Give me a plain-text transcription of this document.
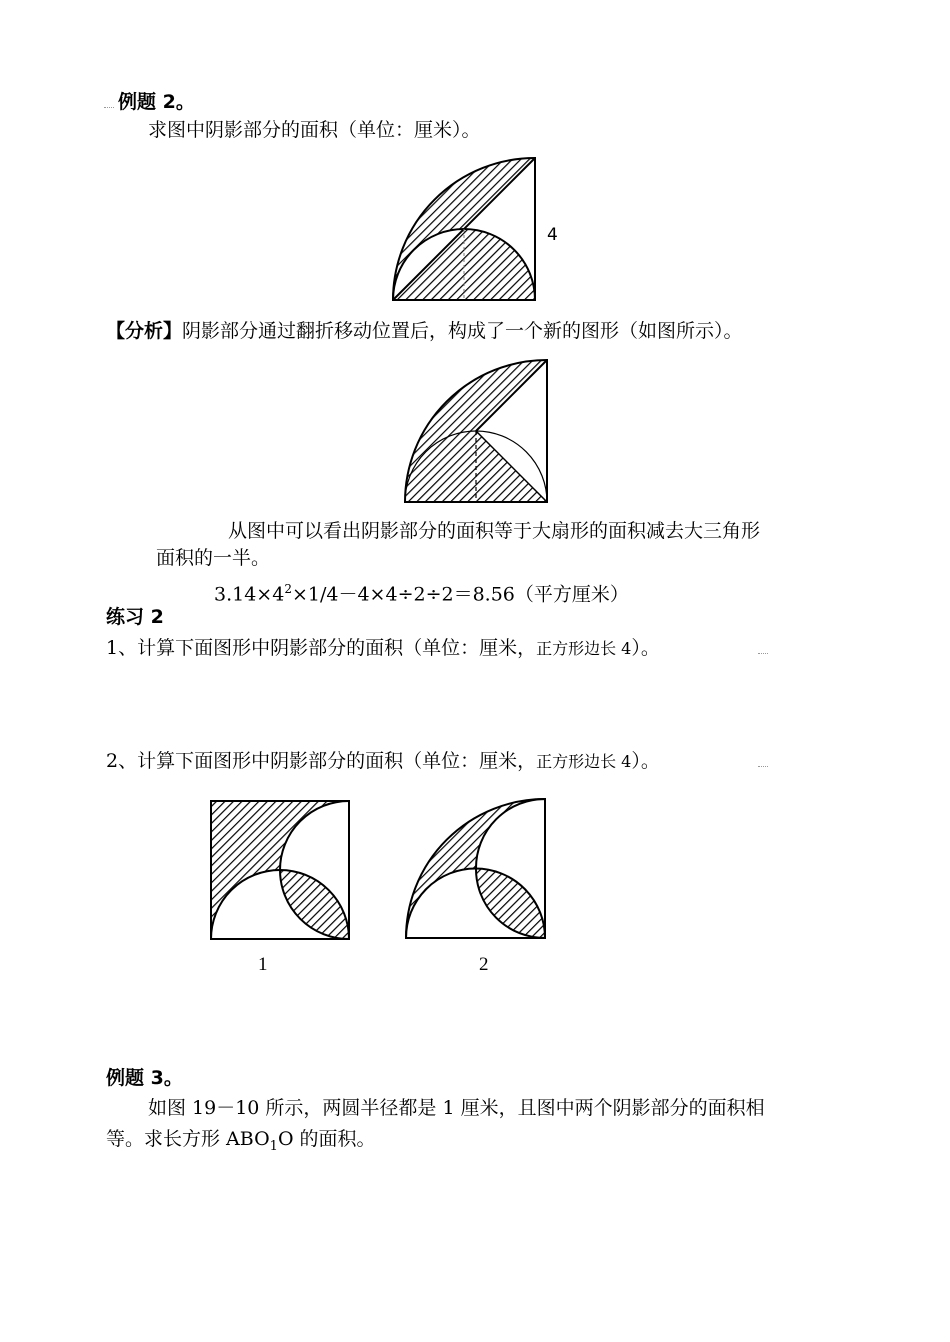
例题 2。
求图中阴影部分的面积（单位：厘米）。
4
【分析】阴影部分通过翻折移动位置后，构成了一个新的图形（如图所示）。
从图中可以看出阴影部分的面积等于大扇形的面积减去大三角形
面积的一半。
$3.14\times 4^2\times 1/4-4\times 4\div 2\div 2=8.56$（平方厘米）
练习 2
1、计算下面图形中阴影部分的面积（单位：厘米，正方形边长 4）。
2、计算下面图形中阴影部分的面积（单位：厘米，正方形边长 4）。
1	2
例题 3。
如图 19－10 所示，两圆半径都是 1 厘米，且图中两个阴影部分的面积相
等。求长方形 $ABO_1O$ 的面积。
